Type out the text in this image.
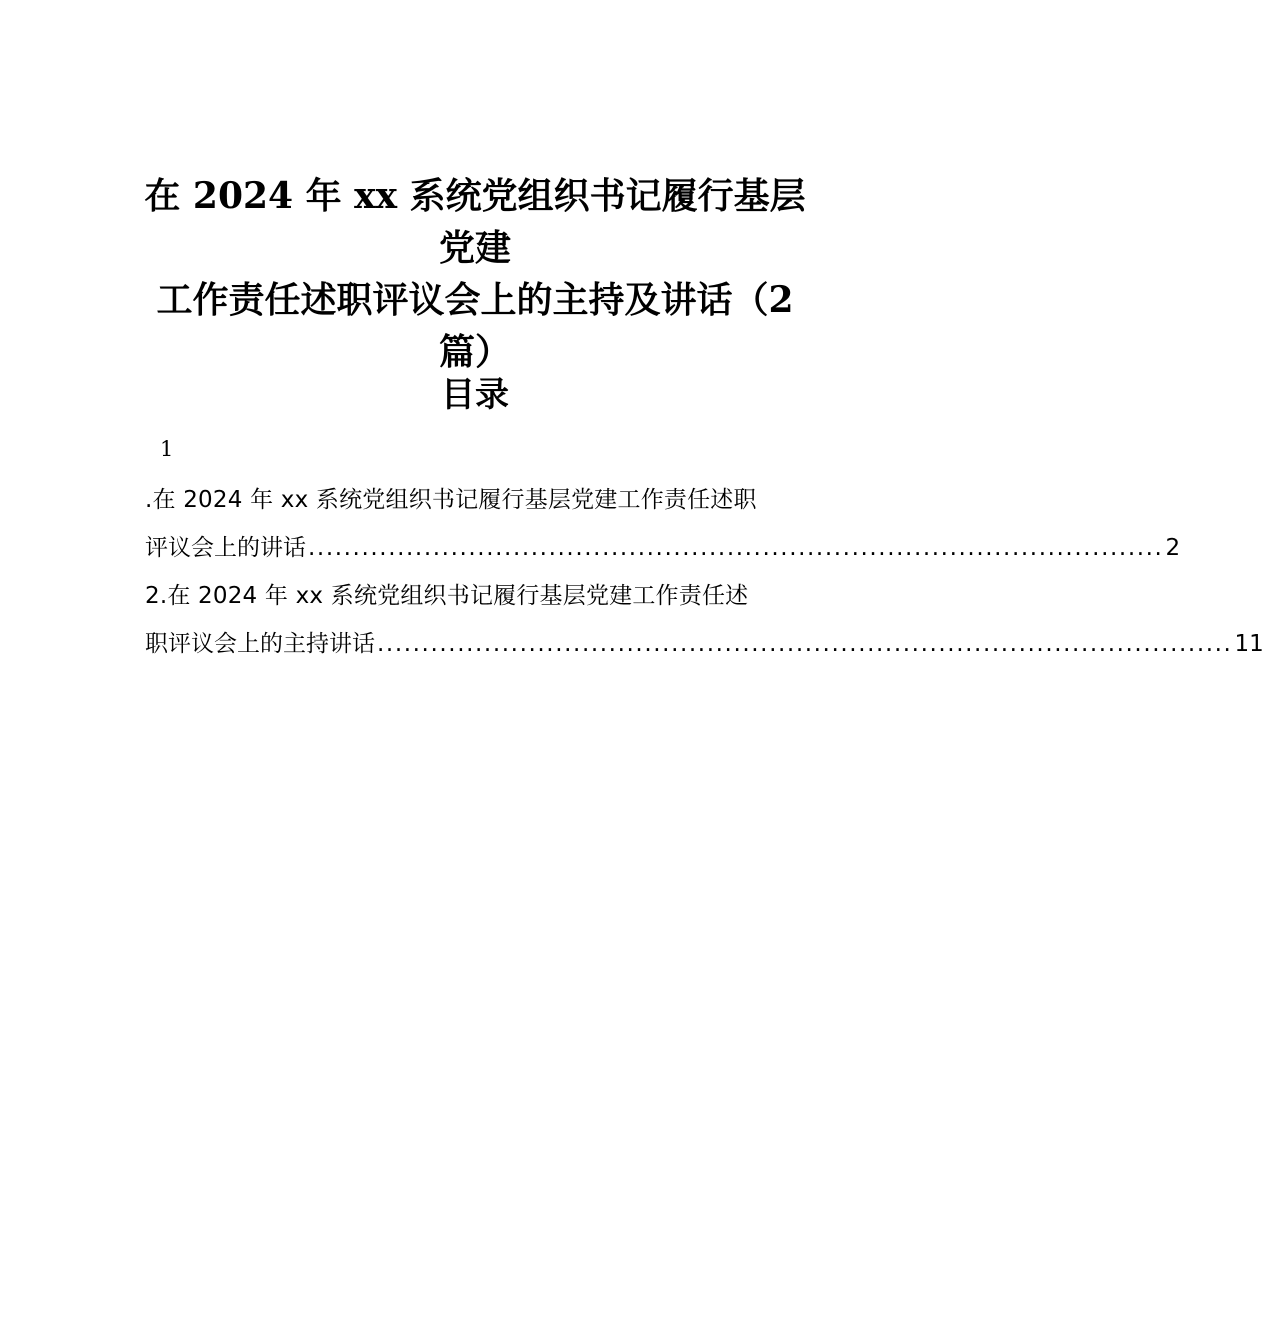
在 2024 年 xx 系统党组织书记履行基层党建
工作责任述职评议会上的主持及讲话（2
篇）
目录
1
.在 2024 年 xx 系统党组织书记履行基层党建工作责任述职
评议会上的讲话 ................................................................................................ 2
2.在 2024 年 xx 系统党组织书记履行基层党建工作责任述
职评议会上的主持讲话 ................................................................................................ 11
